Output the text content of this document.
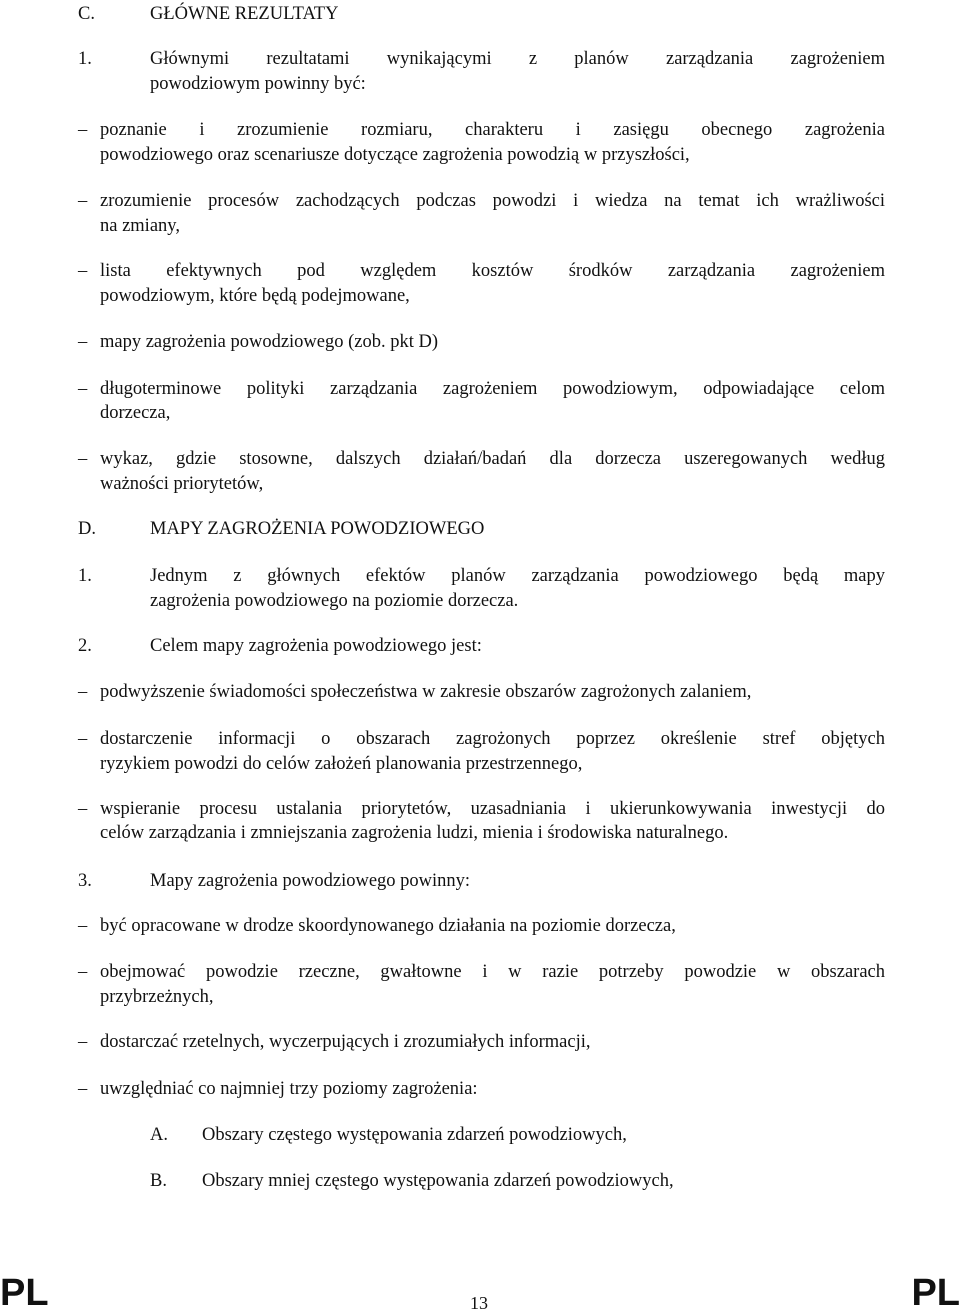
C.	GŁÓWNE REZULTATY
1.	Głównymi rezultatami wynikającymi z planów zarządzania zagrożeniem
powodziowym powinny być:
– poznanie i zrozumienie rozmiaru, charakteru i zasięgu obecnego zagrożenia
powodziowego oraz scenariusze dotyczące zagrożenia powodzią w przyszłości,
– zrozumienie procesów zachodzących podczas powodzi i wiedza na temat ich wrażliwości
na zmiany,
– lista efektywnych pod względem kosztów środków zarządzania zagrożeniem
powodziowym, które będą podejmowane,
– mapy zagrożenia powodziowego (zob. pkt D)
– długoterminowe polityki zarządzania zagrożeniem powodziowym, odpowiadające celom
dorzecza,
– wykaz, gdzie stosowne, dalszych działań/badań dla dorzecza uszeregowanych według
ważności priorytetów,
D.	MAPY ZAGROŻENIA POWODZIOWEGO
1.	Jednym z głównych efektów planów zarządzania powodziowego będą mapy
zagrożenia powodziowego na poziomie dorzecza.
2.	Celem mapy zagrożenia powodziowego jest:
– podwyższenie świadomości społeczeństwa w zakresie obszarów zagrożonych zalaniem,
– dostarczenie informacji o obszarach zagrożonych poprzez określenie stref objętych
ryzykiem powodzi do celów założeń planowania przestrzennego,
– wspieranie procesu ustalania priorytetów, uzasadniania i ukierunkowywania inwestycji do
celów zarządzania i zmniejszania zagrożenia ludzi, mienia i środowiska naturalnego.
3.	Mapy zagrożenia powodziowego powinny:
– być opracowane w drodze skoordynowanego działania na poziomie dorzecza,
– obejmować powodzie rzeczne, gwałtowne i w razie potrzeby powodzie w obszarach
przybrzeżnych,
– dostarczać rzetelnych, wyczerpujących i zrozumiałych informacji,
– uwzględniać co najmniej trzy poziomy zagrożenia:
A. Obszary częstego występowania zdarzeń powodziowych,
B. Obszary mniej częstego występowania zdarzeń powodziowych,
PL	13	PL
